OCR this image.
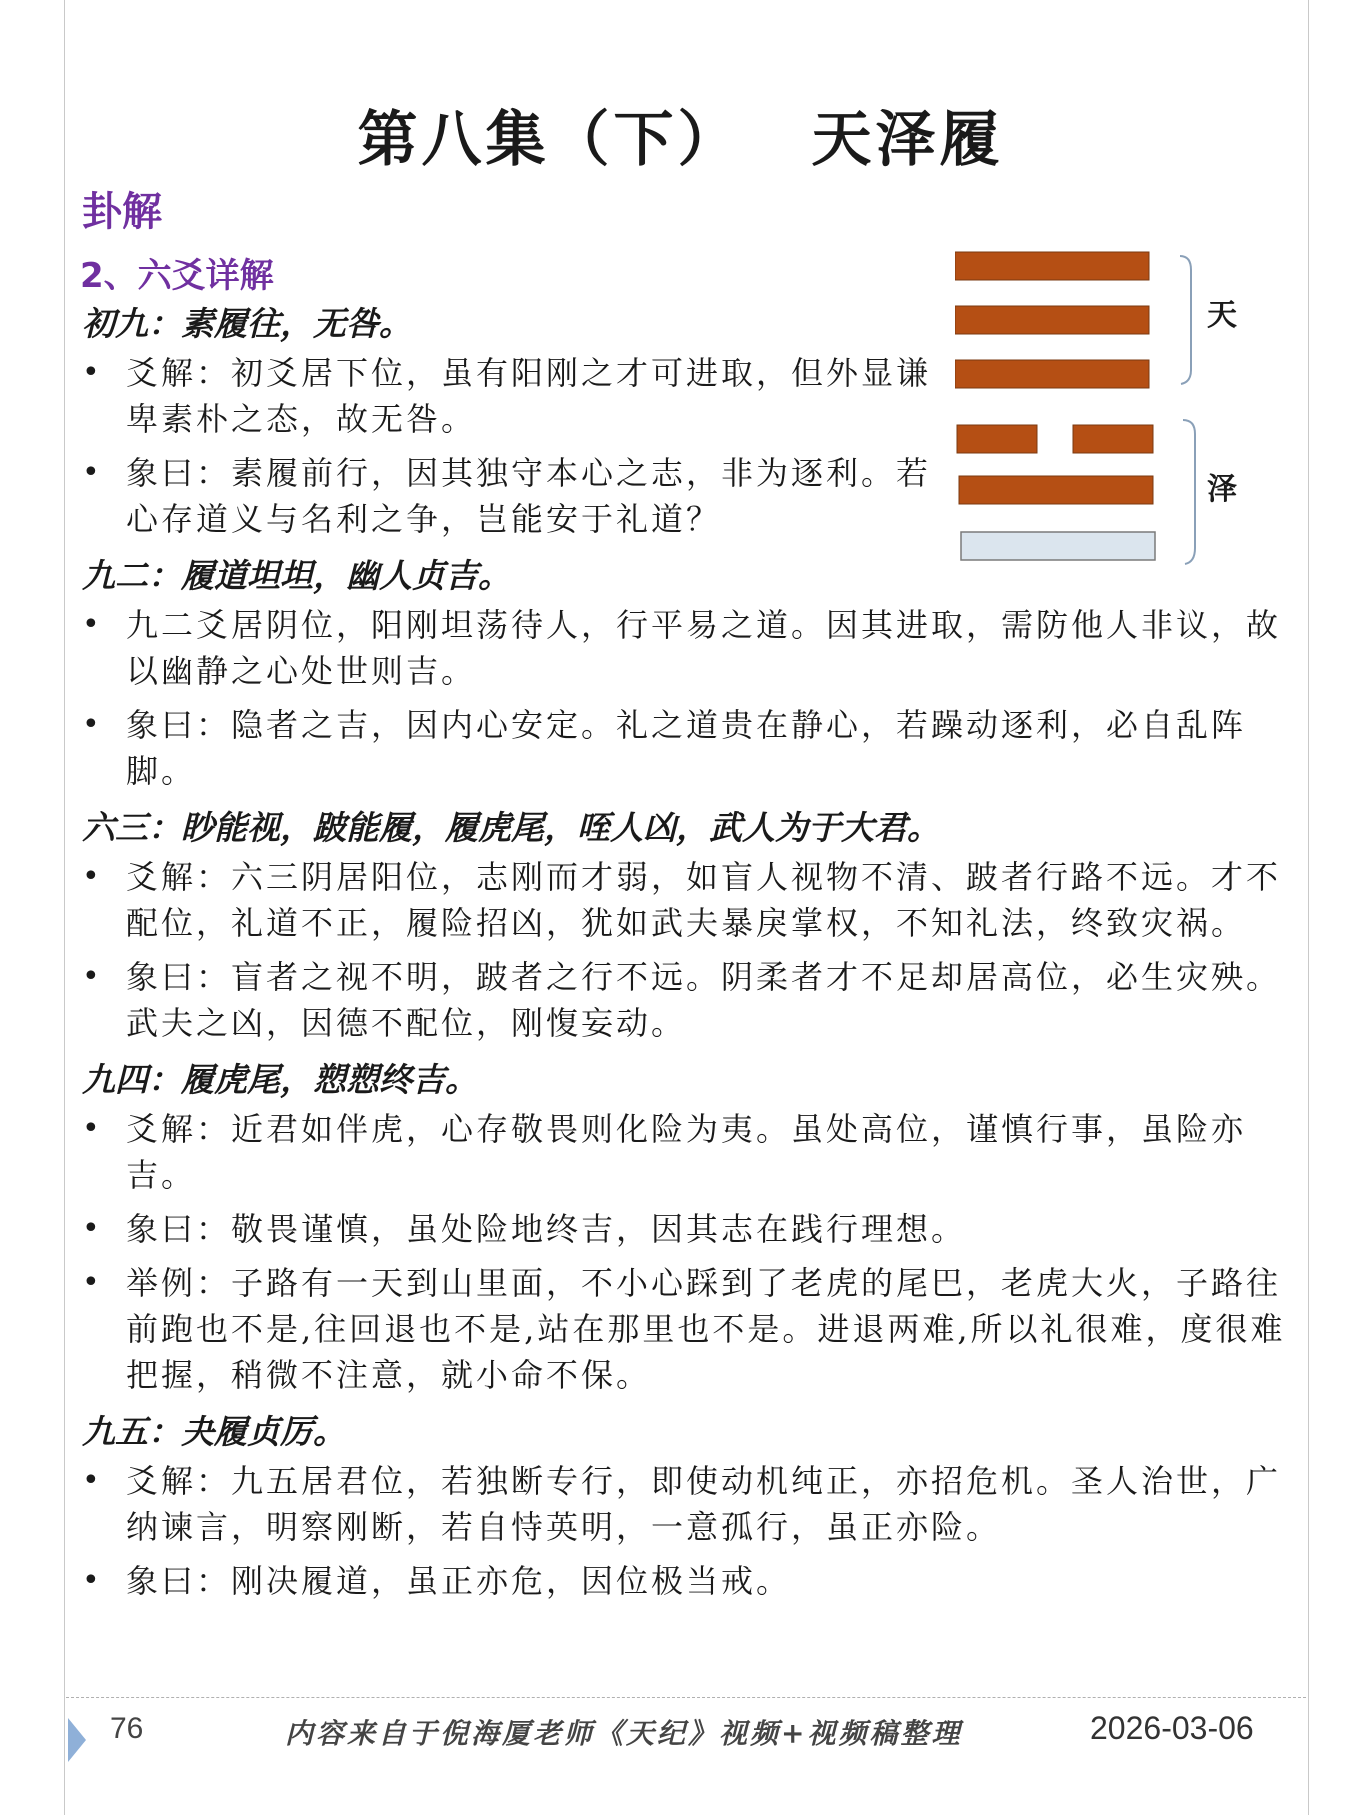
第八集（下） 天泽履
卦解
2、六爻详解
天
泽
初九：素履往，无咎。
• 爻解：初爻居下位，虽有阳刚之才可进取，但外显谦卑素朴之态，故无咎。
• 象曰：素履前行，因其独守本心之志，非为逐利。若心存道义与名利之争，岂能安于礼道？
九二：履道坦坦，幽人贞吉。
• 九二爻居阴位，阳刚坦荡待人，行平易之道。因其进取，需防他人非议，故以幽静之心处世则吉。
• 象曰：隐者之吉，因内心安定。礼之道贵在静心，若躁动逐利，必自乱阵脚。
六三：眇能视，跛能履，履虎尾，咥人凶，武人为于大君。
• 爻解：六三阴居阳位，志刚而才弱，如盲人视物不清、跛者行路不远。才不配位，礼道不正，履险招凶，犹如武夫暴戾掌权，不知礼法，终致灾祸。
• 象曰：盲者之视不明，跛者之行不远。阴柔者才不足却居高位，必生灾殃。武夫之凶，因德不配位，刚愎妄动。
九四：履虎尾，愬愬终吉。
• 爻解：近君如伴虎，心存敬畏则化险为夷。虽处高位，谨慎行事，虽险亦吉。
• 象曰：敬畏谨慎，虽处险地终吉，因其志在践行理想。
• 举例：子路有一天到山里面，不小心踩到了老虎的尾巴，老虎大火，子路往前跑也不是,往回退也不是,站在那里也不是。进退两难,所以礼很难，度很难把握，稍微不注意，就小命不保。
九五：夬履贞厉。
• 爻解：九五居君位，若独断专行，即使动机纯正，亦招危机。圣人治世，广纳谏言，明察刚断，若自恃英明，一意孤行，虽正亦险。
• 象曰：刚决履道，虽正亦危，因位极当戒。
76	内容来自于倪海厦老师《天纪》视频+视频稿整理	2026-03-06
